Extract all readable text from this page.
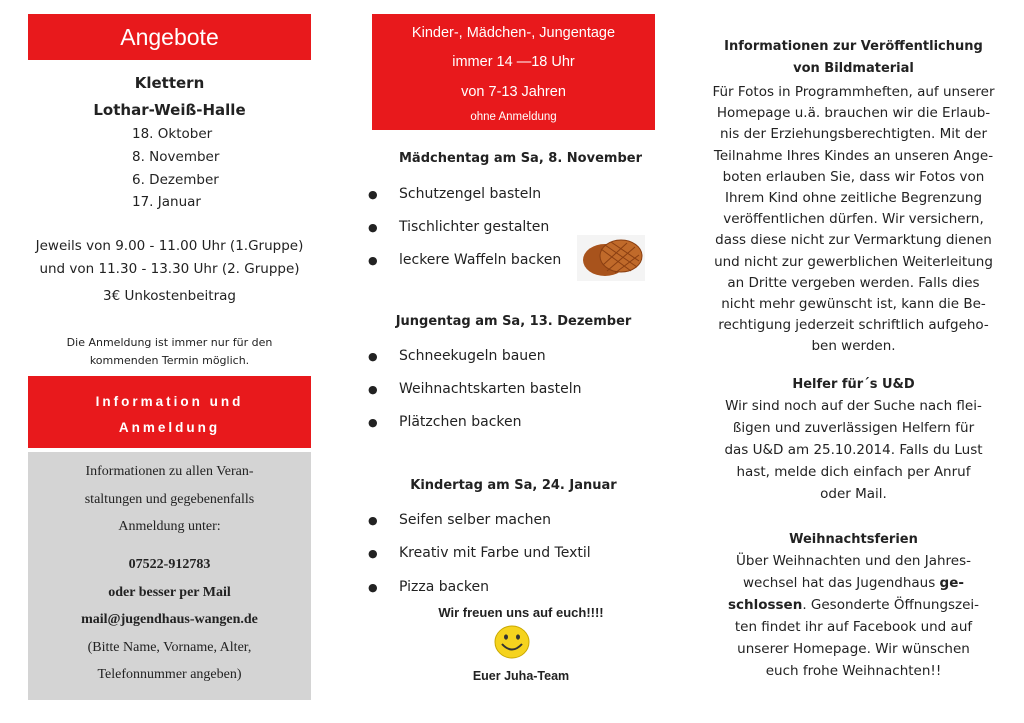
Angebote
Klettern
Lothar-Weiß-Halle
18. Oktober
8. November
6. Dezember
17. Januar
Jeweils von 9.00 - 11.00 Uhr (1.Gruppe)
und von 11.30 - 13.30 Uhr (2. Gruppe)
3€ Unkostenbeitrag
Die Anmeldung ist immer nur für den
kommenden Termin möglich.
Information und
Anmeldung
Informationen zu allen Veran-
staltungen und gegebenenfalls
Anmeldung unter:
07522-912783
oder besser per Mail
mail@jugendhaus-wangen.de
(Bitte Name, Vorname, Alter,
Telefonnummer angeben)
Kinder-, Mädchen-, Jungentage
immer 14 —18 Uhr
von 7-13 Jahren
ohne Anmeldung
Mädchentag am Sa, 8. November
● Schutzengel basteln
● Tischlichter gestalten
● leckere Waffeln backen
Jungentag am Sa, 13. Dezember
● Schneekugeln bauen
● Weihnachtskarten basteln
● Plätzchen backen
Kindertag am Sa, 24. Januar
● Seifen selber machen
● Kreativ mit Farbe und Textil
● Pizza backen
Wir freuen uns auf euch!!!!
Euer Juha-Team
Informationen zur Veröffentlichung
von Bildmaterial
Für Fotos in Programmheften, auf unserer
Homepage u.ä. brauchen wir die Erlaub-
nis der Erziehungsberechtigten. Mit der
Teilnahme Ihres Kindes an unseren Ange-
boten erlauben Sie, dass wir Fotos von
Ihrem Kind ohne zeitliche Begrenzung
veröffentlichen dürfen. Wir versichern,
dass diese nicht zur Vermarktung dienen
und nicht zur gewerblichen Weiterleitung
an Dritte vergeben werden. Falls dies
nicht mehr gewünscht ist, kann die Be-
rechtigung jederzeit schriftlich aufgeho-
ben werden.
Helfer für´s U&D
Wir sind noch auf der Suche nach flei-
ßigen und zuverlässigen Helfern für
das U&D am 25.10.2014. Falls du Lust
hast, melde dich einfach per Anruf
oder Mail.
Weihnachtsferien
Über Weihnachten und den Jahres-
wechsel hat das Jugendhaus ge-
schlossen. Gesonderte Öffnungszei-
ten findet ihr auf Facebook und auf
unserer Homepage. Wir wünschen
euch frohe Weihnachten!!
